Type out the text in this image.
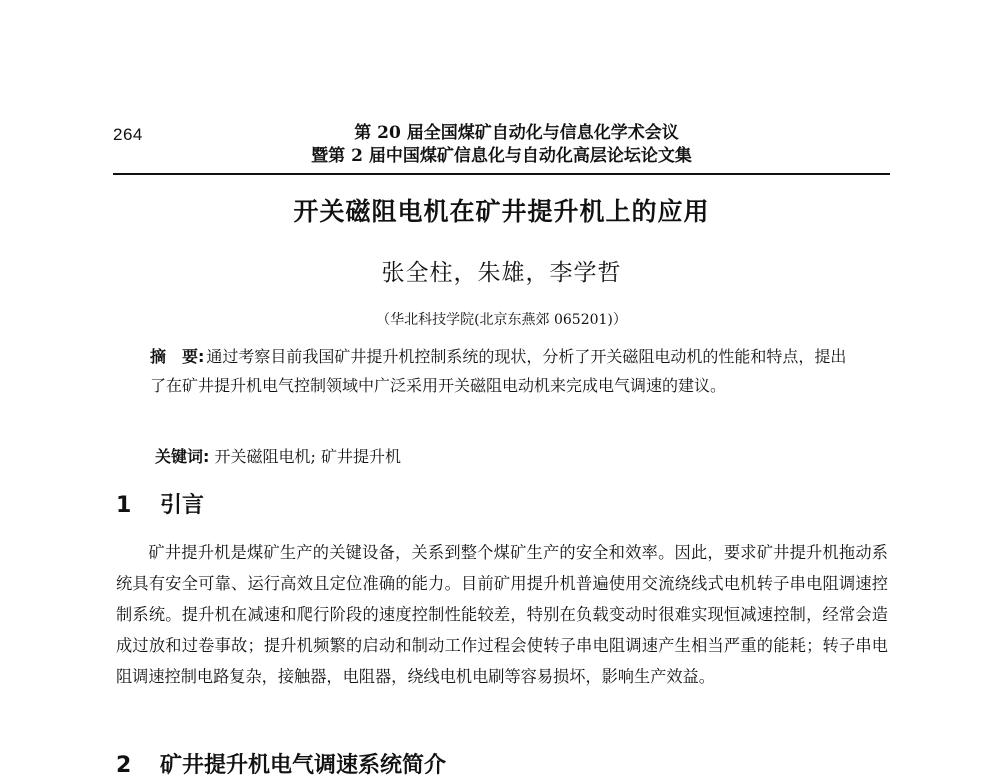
264	第 20 届全国煤矿自动化与信息化学术会议
暨第 2 届中国煤矿信息化与自动化高层论坛论文集
开关磁阻电机在矿井提升机上的应用
张全柱，朱雄，李学哲
（华北科技学院(北京东燕郊 065201)）
摘　要: 通过考察目前我国矿井提升机控制系统的现状，分析了开关磁阻电动机的性能和特点，提出了在矿井提升机电气控制领域中广泛采用开关磁阻电动机来完成电气调速的建议。
关键词: 开关磁阻电机; 矿井提升机
1 引言
矿井提升机是煤矿生产的关键设备，关系到整个煤矿生产的安全和效率。因此，要求矿井提升机拖动系统具有安全可靠、运行高效且定位准确的能力。目前矿用提升机普遍使用交流绕线式电机转子串电阻调速控制系统。提升机在减速和爬行阶段的速度控制性能较差，特别在负载变动时很难实现恒减速控制，经常会造成过放和过卷事故；提升机频繁的启动和制动工作过程会使转子串电阻调速产生相当严重的能耗；转子串电阻调速控制电路复杂，接触器，电阻器，绕线电机电刷等容易损坏，影响生产效益。
2 矿井提升机电气调速系统简介
